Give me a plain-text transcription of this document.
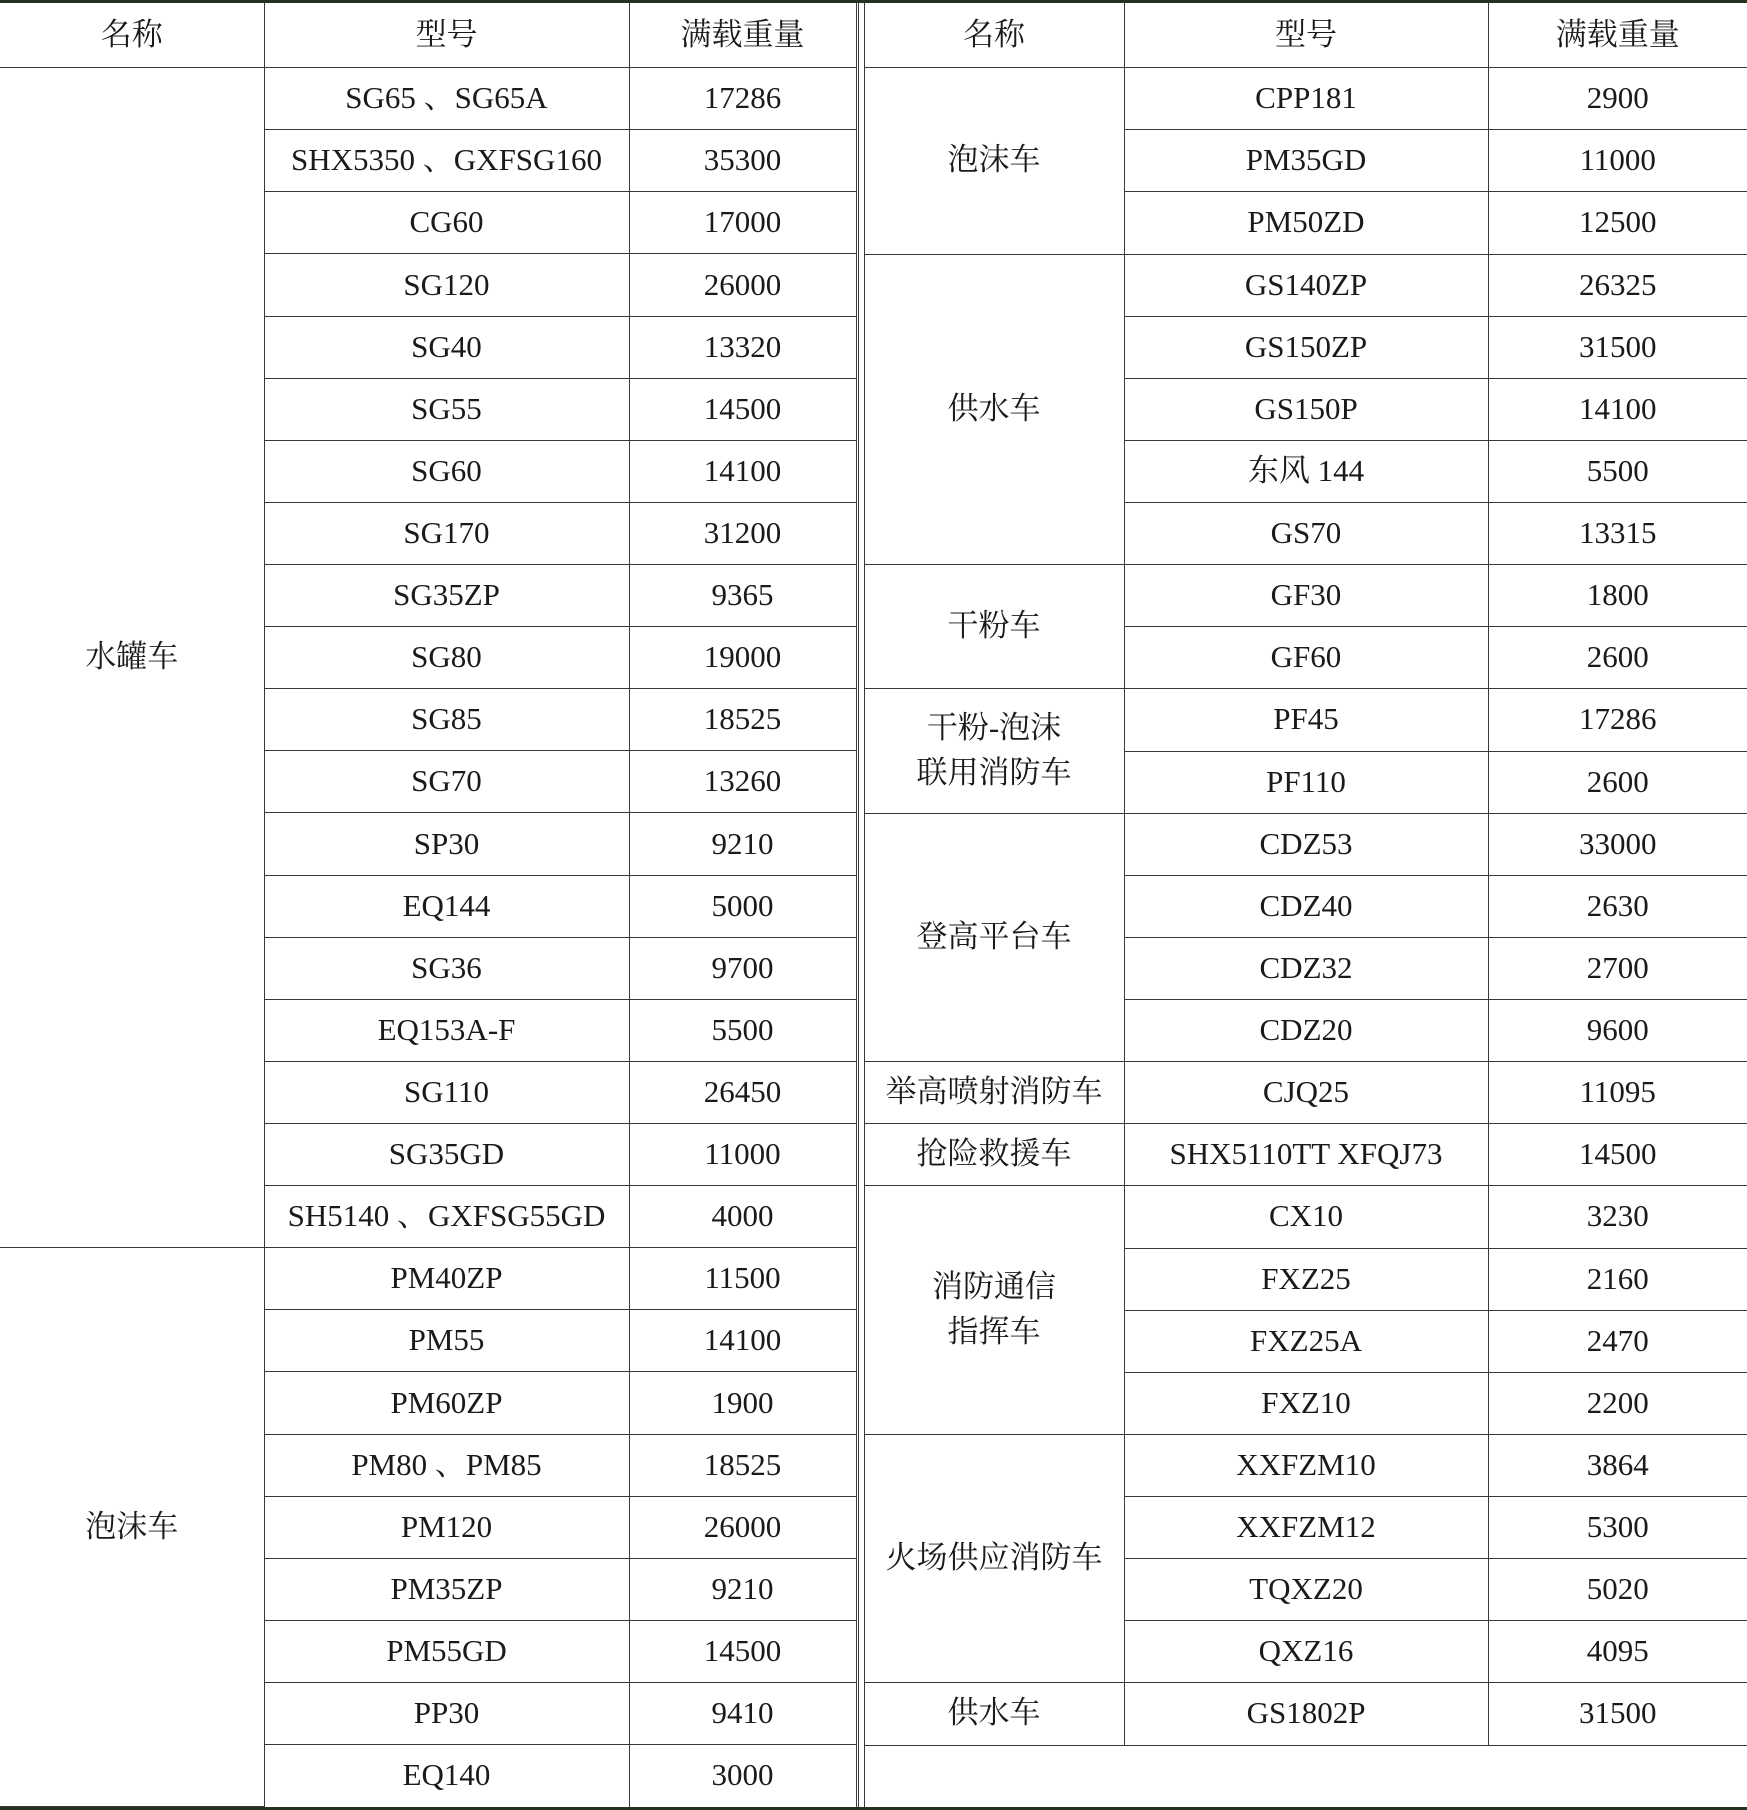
名称	型号	满载重量

水罐车	SG65 、SG65A	17286
	SHX5350 、GXFSG160	35300
	CG60	17000
	SG120	26000
	SG40	13320
	SG55	14500
	SG60	14100
	SG170	31200
	SG35ZP	9365
	SG80	19000
	SG85	18525
	SG70	13260
	SP30	9210
	EQ144	5000
	SG36	9700
	EQ153A-F	5500
	SG110	26450
	SG35GD	11000
	SH5140 、GXFSG55GD	4000

泡沫车	PM40ZP	11500
	PM55	14100
	PM60ZP	1900
	PM80 、PM85	18525
	PM120	26000
	PM35ZP	9210
	PM55GD	14500
	PP30	9410
	EQ140	3000
名称	型号	满载重量

泡沫车	CPP181	2900
	PM35GD	11000
	PM50ZD	12500

供水车	GS140ZP	26325
	GS150ZP	31500
	GS150P	14100
	东风 144	5500
	GS70	13315

干粉车	GF30	1800
	GF60	2600

干粉-泡沫
联用消防车	PF45	17286
	PF110	2600

登高平台车	CDZ53	33000
	CDZ40	2630
	CDZ32	2700
	CDZ20	9600

举高喷射消防车	CJQ25	11095

抢险救援车	SHX5110TT XFQJ73	14500

消防通信
指挥车	CX10	3230
	FXZ25	2160
	FXZ25A	2470
	FXZ10	2200

火场供应消防车	XXFZM10	3864
	XXFZM12	5300
	TQXZ20	5020
	QXZ16	4095

供水车	GS1802P	31500
